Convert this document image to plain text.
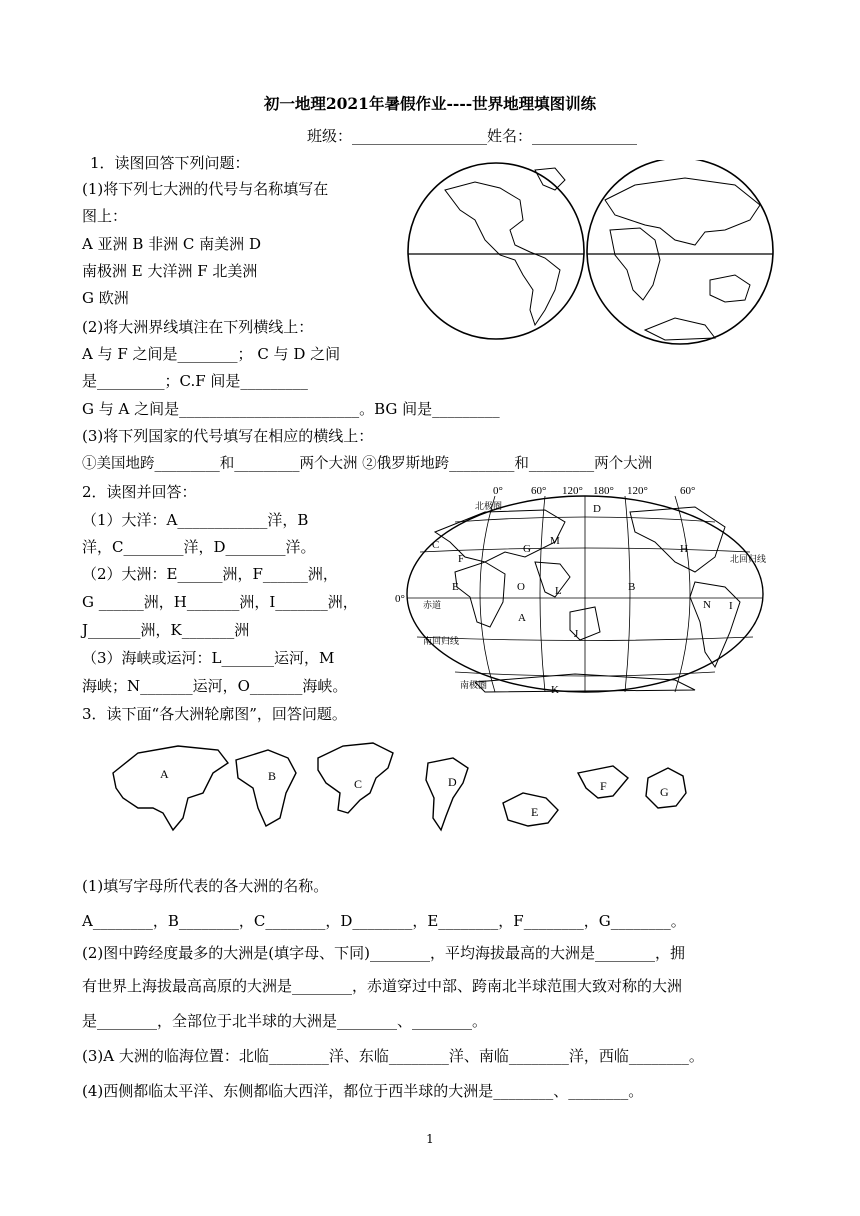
初一地理2021年暑假作业----世界地理填图训练
班级：__________________姓名：______________
1．读图回答下列问题：
(1)将下列七大洲的代号与名称填写在
图上：
A 亚洲 B 非洲 C 南美洲 D
南极洲 E 大洋洲 F 北美洲
G 欧洲
(2)将大洲界线填注在下列横线上：
A 与 F 之间是________； C 与 D 之间
是_________；C.F 间是_________
G 与 A 之间是________________________。BG 间是_________
(3)将下列国家的代号填写在相应的横线上：
①美国地跨_________和_________两个大洲 ②俄罗斯地跨_________和_________两个大洲
2．读图并回答：
（1）大洋：A____________洋，B
洋，C________洋，D________洋。
（2）大洲：E______洲，F______洲，
G ______洲，H_______洲，I_______洲，
J_______洲，K_______洲
（3）海峡或运河：L_______运河，M
海峡；N_______运河，O_______海峡。
0°	60° 120° 180° 120°	60°
0° 赤道
南回归线
北回归线
北极圈
南极圈
A
B
C
D
E
F
G	H
I
J
K
L
M
N
O
3．读下面“各大洲轮廓图”，回答问题。
A	B
C	D
E
F	G
(1)填写字母所代表的各大洲的名称。
A________，B________，C________，D________，E________，F________，G________。
(2)图中跨经度最多的大洲是(填字母、下同)________，平均海拔最高的大洲是________，拥
有世界上海拔最高高原的大洲是________，赤道穿过中部、跨南北半球范围大致对称的大洲
是________，全部位于北半球的大洲是________、________。
(3)A 大洲的临海位置：北临________洋、东临________洋、南临________洋，西临________。
(4)西侧都临太平洋、东侧都临大西洋，都位于西半球的大洲是________、________。
1
